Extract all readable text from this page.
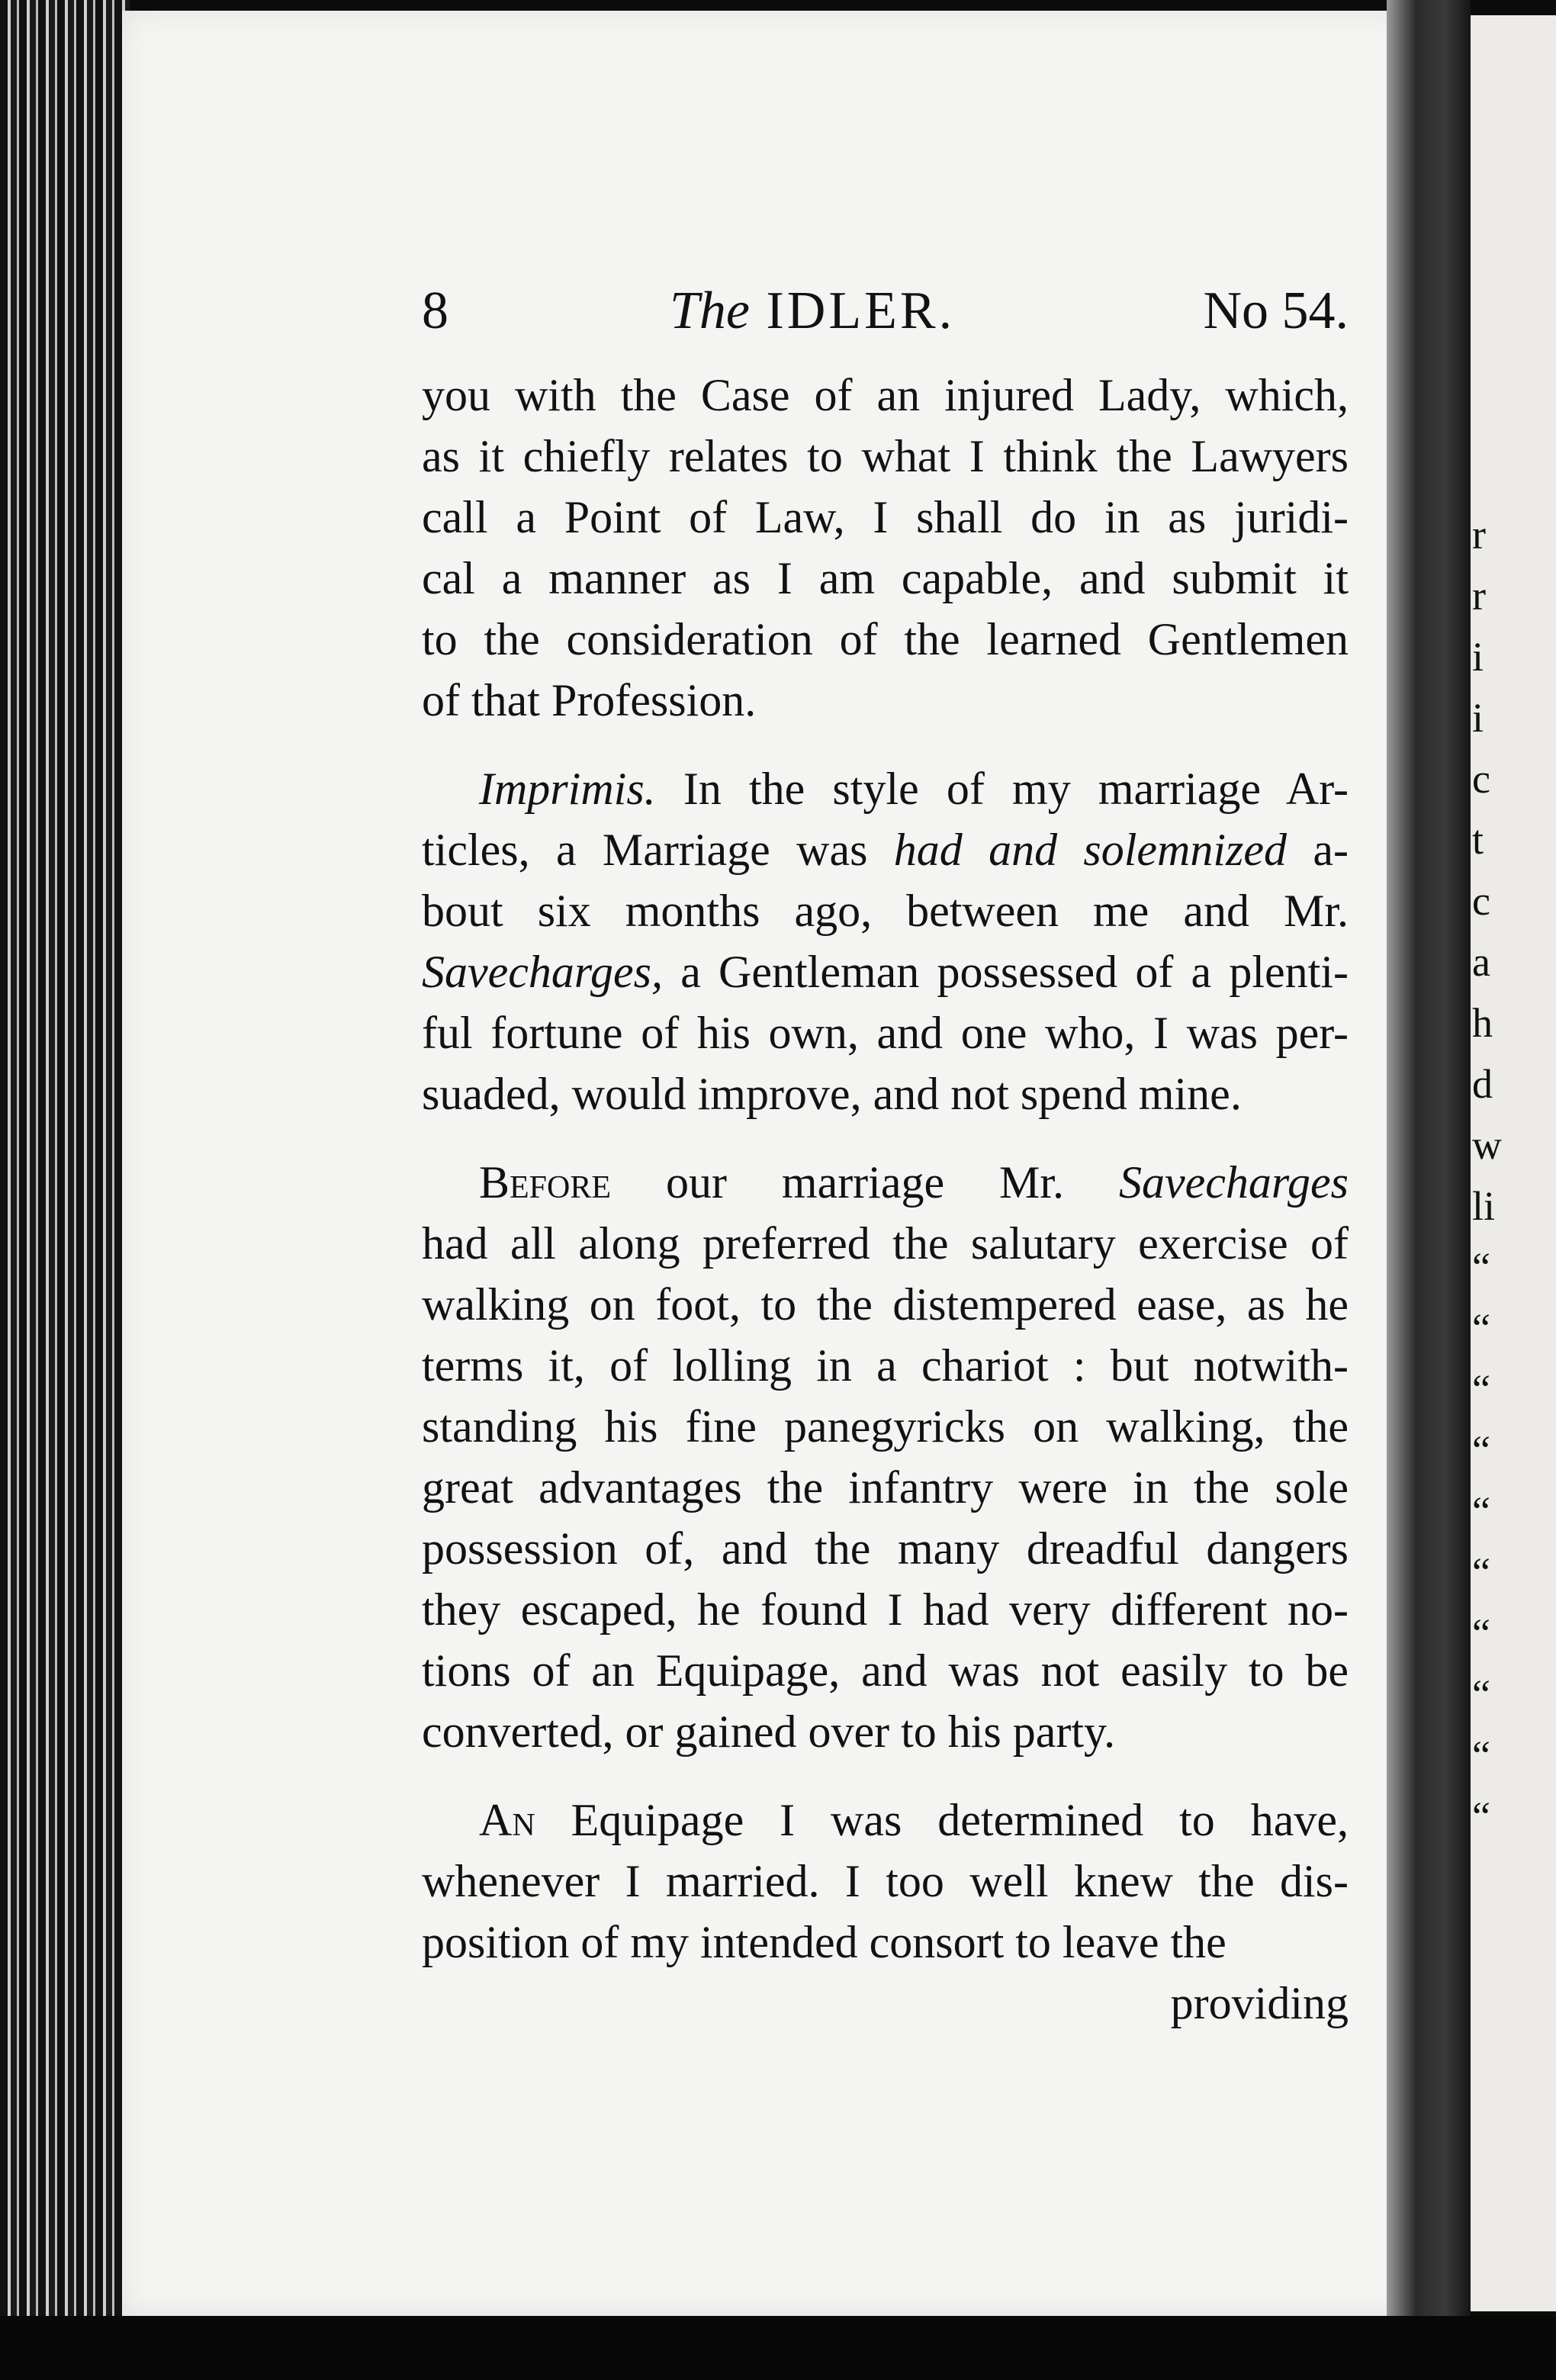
r
r
i
i
c
t
c
a
h
d
w
li
“
“
“
“
“
“
“
“
“
“
8	The IDLER.	No 54.
you with the Case of an injured Lady, which,
as it chiefly relates to what I think the Lawyers
call a Point of Law, I shall do in as juridi-
cal a manner as I am capable, and submit it
to the consideration of the learned Gentlemen
of that Profession.
Imprimis. In the style of my marriage Ar-
ticles, a Marriage was had and solemnized a-
bout six months ago, between me and Mr.
Savecharges, a Gentleman possessed of a plenti-
ful fortune of his own, and one who, I was per-
suaded, would improve, and not spend mine.
Before our marriage Mr. Savecharges
had all along preferred the salutary exercise of
walking on foot, to the distempered ease, as he
terms it, of lolling in a chariot : but notwith-
standing his fine panegyricks on walking, the
great advantages the infantry were in the sole
possession of, and the many dreadful dangers
they escaped, he found I had very different no-
tions of an Equipage, and was not easily to be
converted, or gained over to his party.
An Equipage I was determined to have,
whenever I married. I too well knew the dis-
position of my intended consort to leave the
providing
